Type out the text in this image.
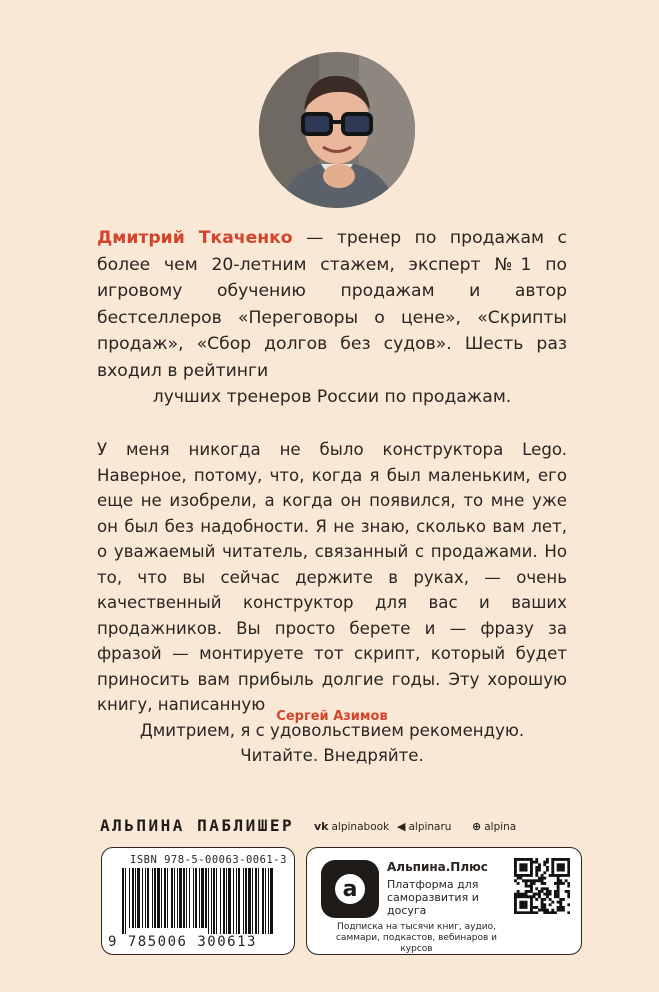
Дмитрий Ткаченко — тренер по продажам с более чем 20-летним стажем, эксперт №1 по игровому обучению продажам и автор бестселлеров «Переговоры о цене», «Скрипты продаж», «Сбор долгов без судов». Шесть раз входил в рейтинги
лучших тренеров России по продажам.

У меня никогда не было конструктора Lego. Наверное, потому, что, когда я был маленьким, его еще не изобрели, а когда он появился, то мне уже он был без надобности. Я не знаю, сколько вам лет, о уважаемый читатель, связанный с продажами. Но то, что вы сейчас держите в руках, — очень качественный конструктор для вас и ваших продажников. Вы просто берете и — фразу за фразой — монтируете тот скрипт, который будет приносить вам прибыль долгие годы. Эту хорошую книгу, написанную
Дмитрием, я с удовольствием рекомендую.
Читайте. Внедряйте.

Сергей Азимов
АЛЬПИНА ПАБЛИШЕР vk alpinabook ◀ alpinaru ⊕ alpina
ISBN 978-5-00063-0061-3
9 785006 300613
a
Альпина.Плюс
Платформа для саморазвития и досуга
Подписка на тысячи книг, аудио, саммари, подкастов, вебинаров и курсов
